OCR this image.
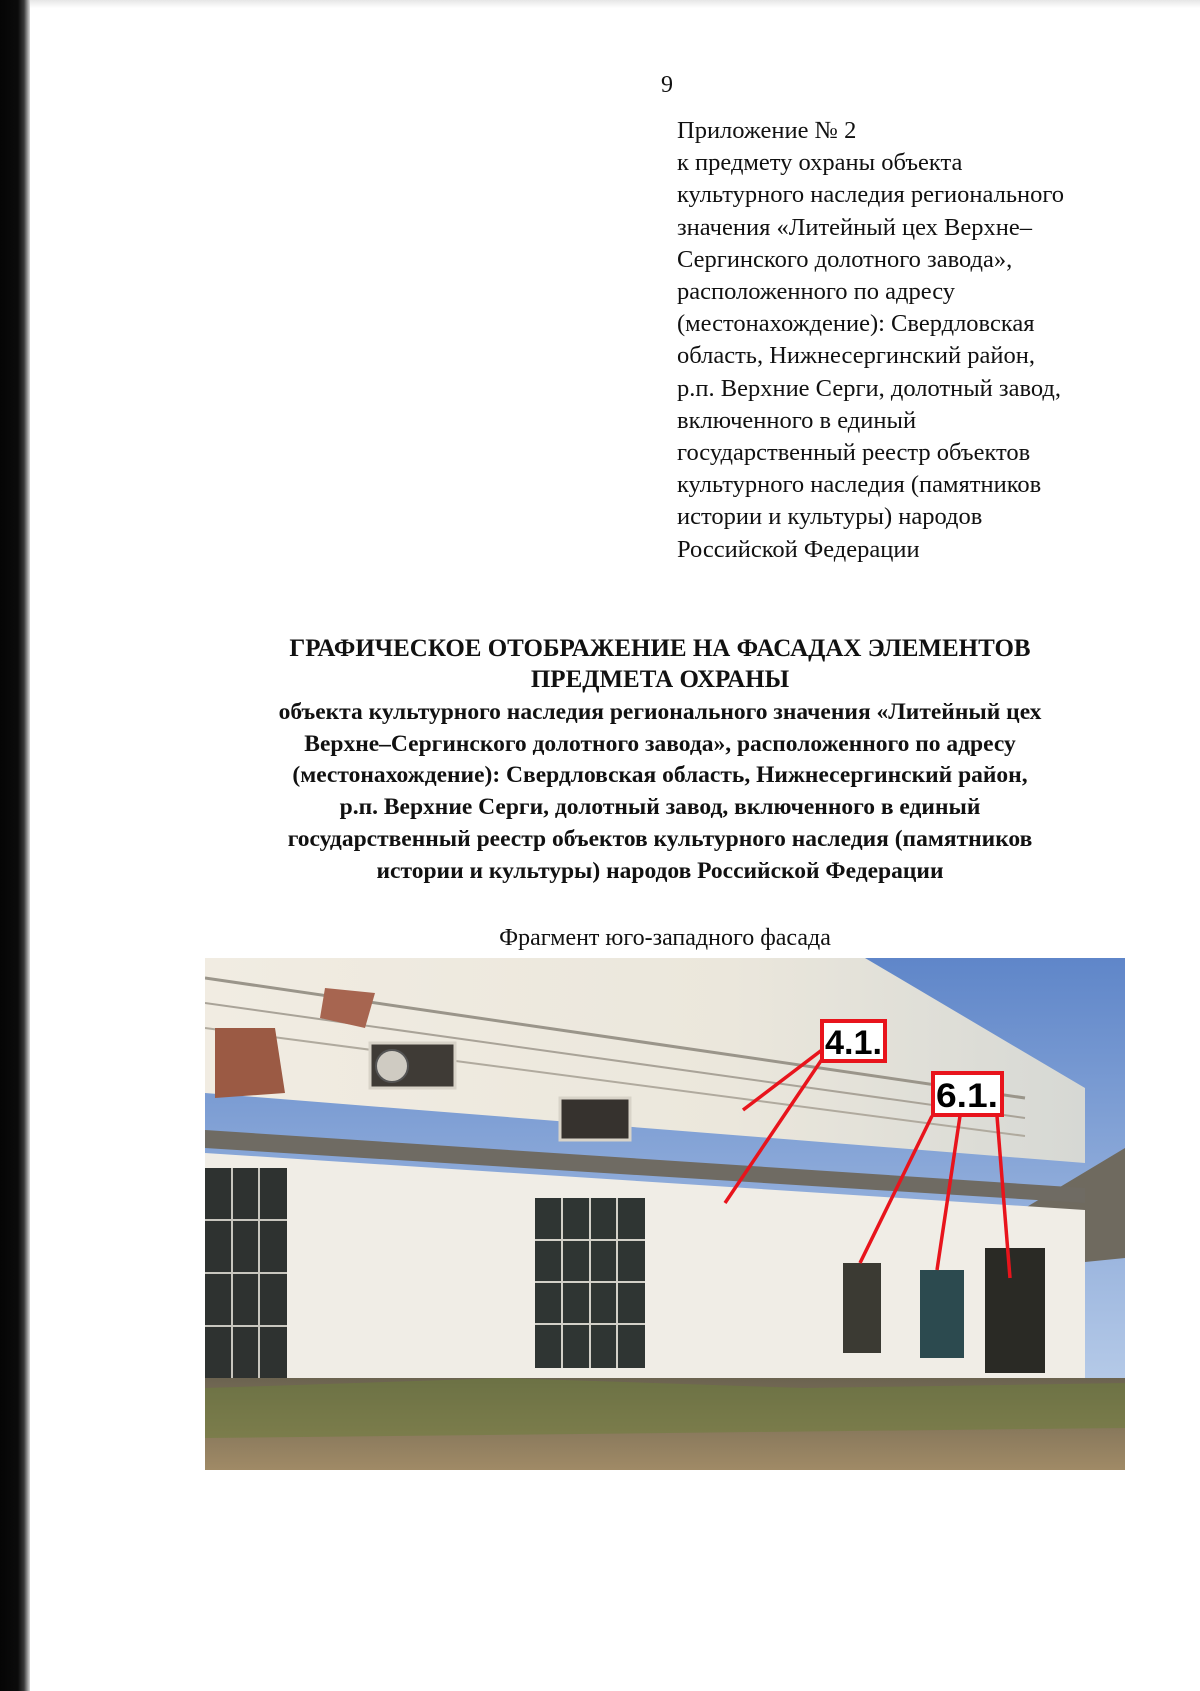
9
Приложение № 2
к предмету охраны объекта
культурного наследия регионального
значения «Литейный цех Верхне–
Сергинского долотного завода»,
расположенного по адресу
(местонахождение): Свердловская
область, Нижнесергинский район,
р.п. Верхние Серги, долотный завод,
включенного в единый
государственный реестр объектов
культурного наследия (памятников
истории и культуры) народов
Российской Федерации
ГРАФИЧЕСКОЕ ОТОБРАЖЕНИЕ НА ФАСАДАХ ЭЛЕМЕНТОВ
ПРЕДМЕТА ОХРАНЫ
объекта культурного наследия регионального значения «Литейный цех
Верхне–Сергинского долотного завода», расположенного по адресу
(местонахождение): Свердловская область, Нижнесергинский район,
р.п. Верхние Серги, долотный завод, включенного в единый
государственный реестр объектов культурного наследия (памятников
истории и культуры) народов Российской Федерации
Фрагмент юго-западного фасада
4.1.
6.1.
